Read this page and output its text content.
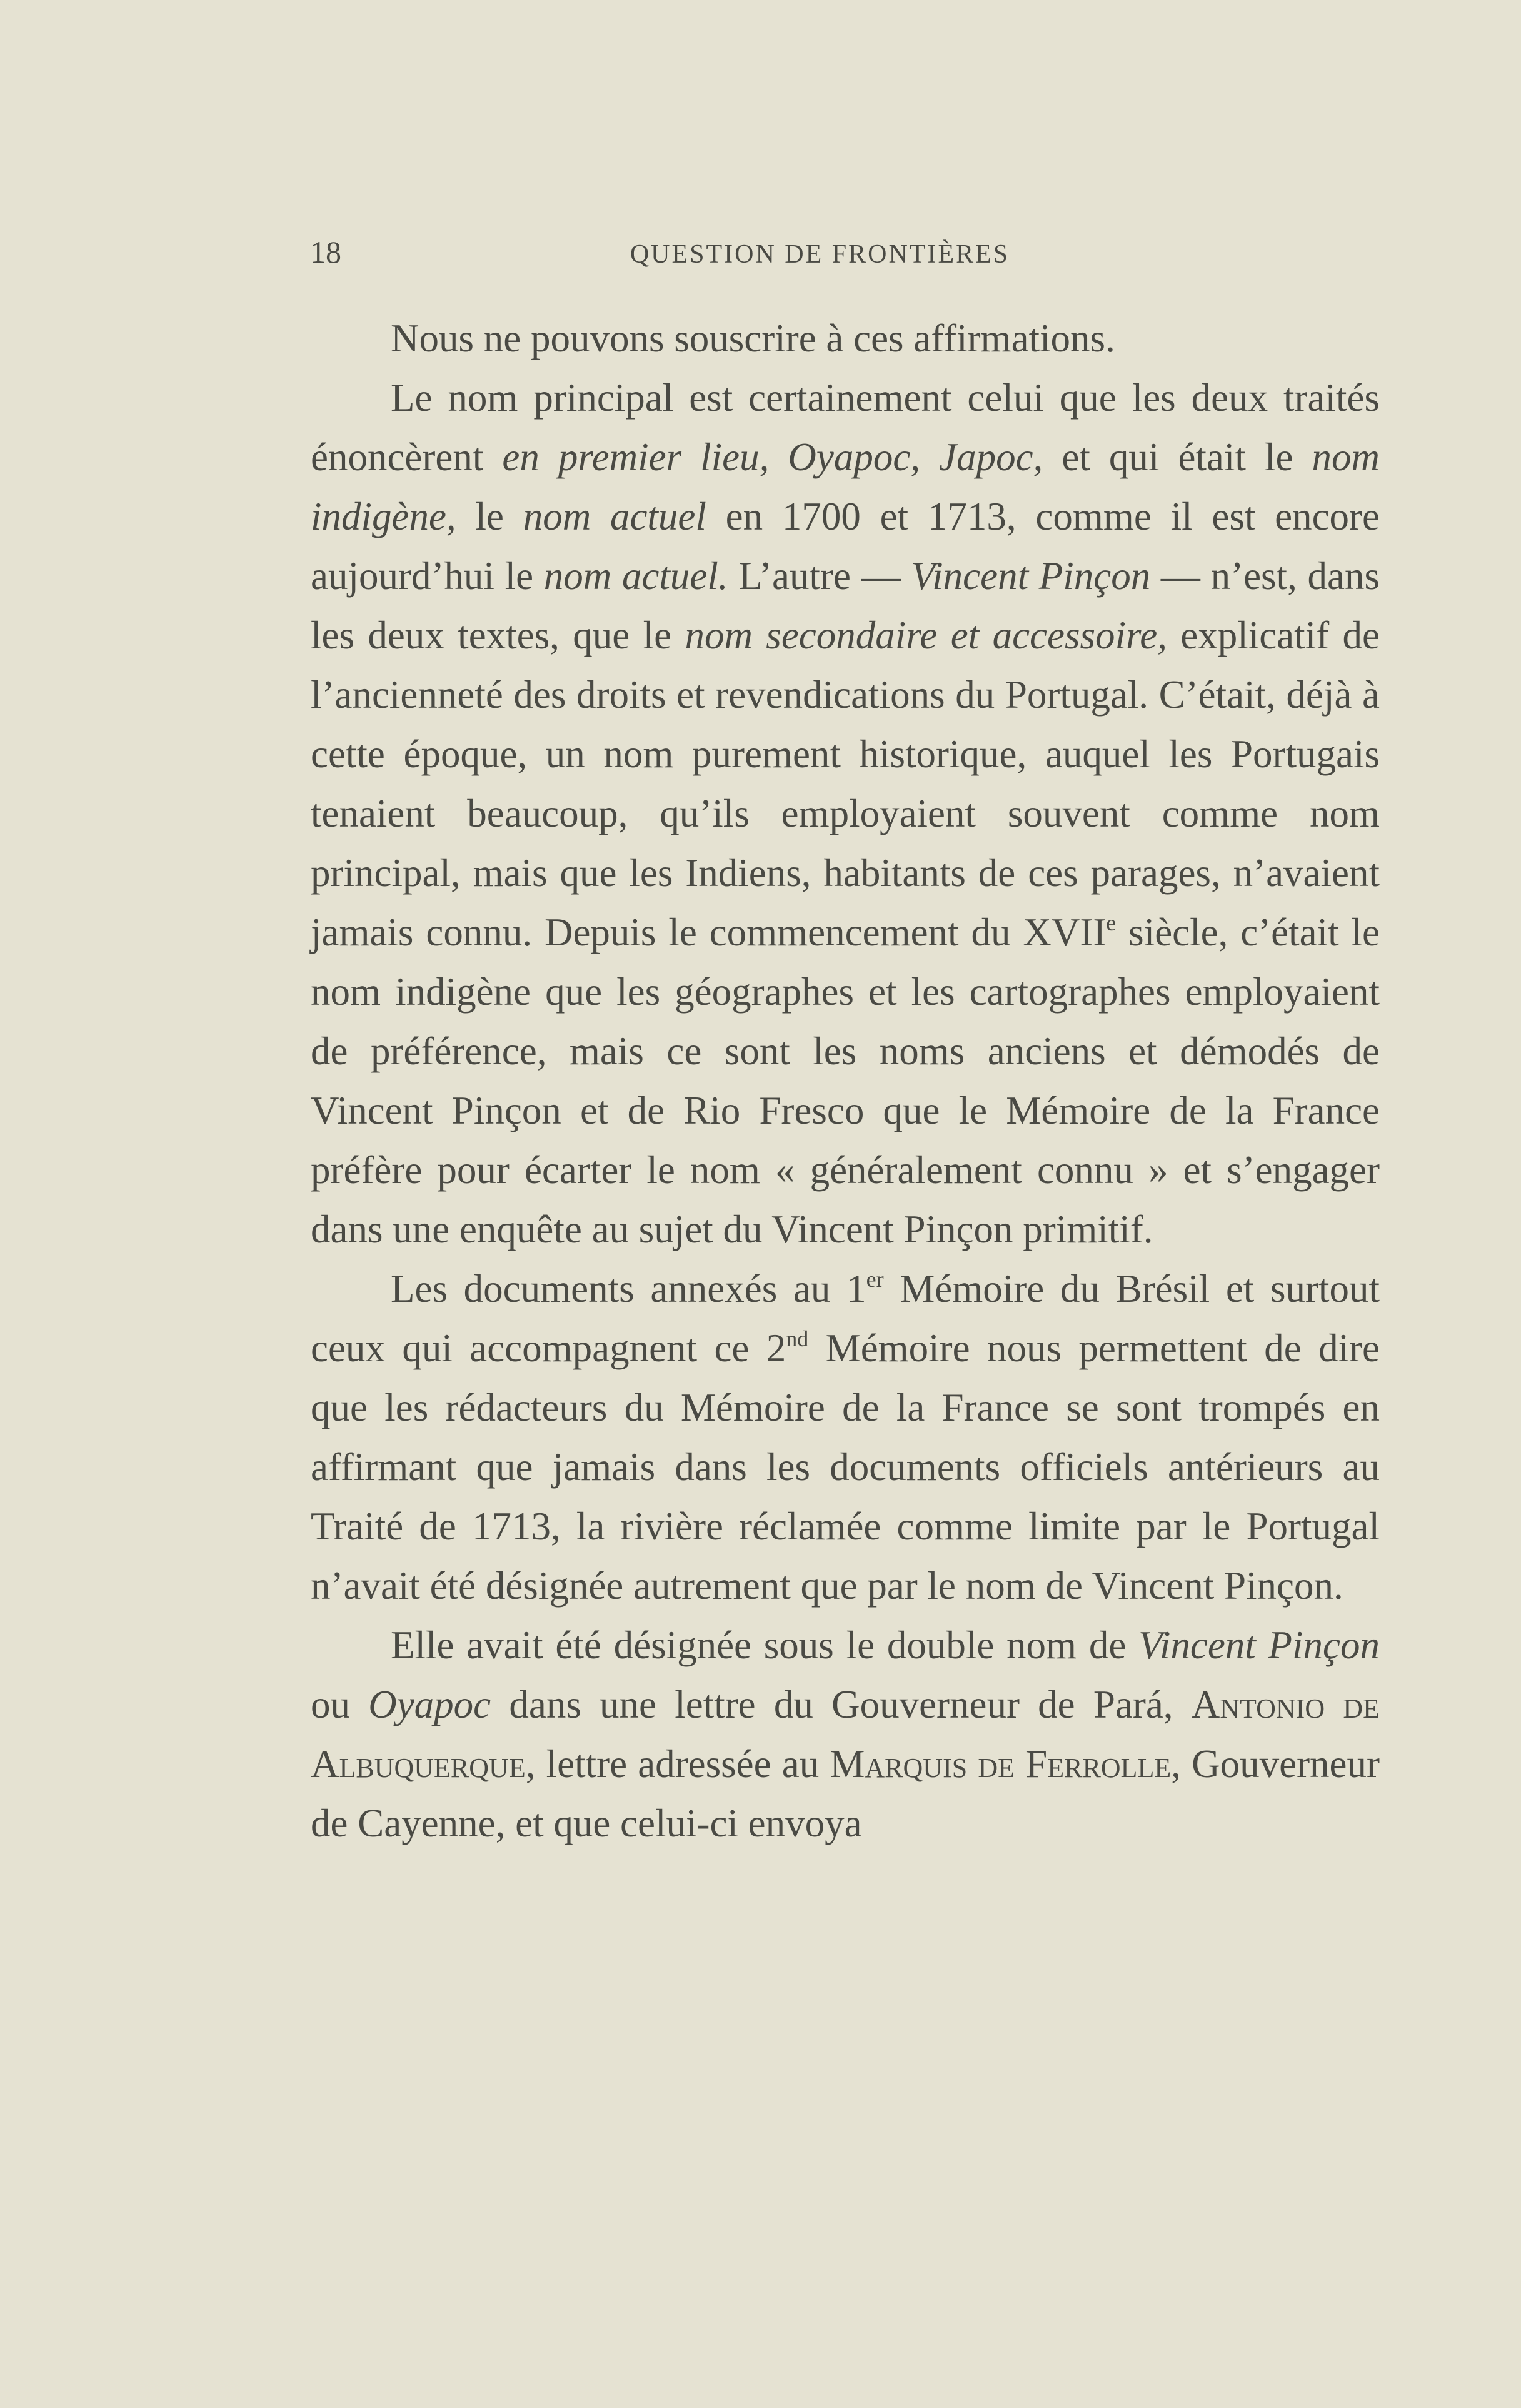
18	QUESTION DE FRONTIÈRES

Nous ne pouvons souscrire à ces affirmations.

Le nom principal est certainement celui que les deux traités énoncèrent en premier lieu, Oyapoc, Japoc, et qui était le nom indigène, le nom actuel en 1700 et 1713, comme il est encore aujourd’hui le nom actuel. L’autre — Vincent Pinçon — n’est, dans les deux textes, que le nom secondaire et accessoire, explicatif de l’ancienneté des droits et revendications du Portugal. C’était, déjà à cette époque, un nom purement historique, auquel les Portugais tenaient beaucoup, qu’ils employaient souvent comme nom principal, mais que les Indiens, habitants de ces parages, n’avaient jamais connu. Depuis le commencement du XVIIe siècle, c’était le nom indigène que les géographes et les cartographes employaient de préférence, mais ce sont les noms anciens et démodés de Vincent Pinçon et de Rio Fresco que le Mémoire de la France préfère pour écarter le nom « généralement connu » et s’engager dans une enquête au sujet du Vincent Pinçon primitif.

Les documents annexés au 1er Mémoire du Brésil et surtout ceux qui accompagnent ce 2nd Mémoire nous permettent de dire que les rédacteurs du Mémoire de la France se sont trompés en affirmant que jamais dans les documents officiels antérieurs au Traité de 1713, la rivière réclamée comme limite par le Portugal n’avait été désignée autrement que par le nom de Vincent Pinçon.

Elle avait été désignée sous le double nom de Vincent Pinçon ou Oyapoc dans une lettre du Gouverneur de Pará, Antonio de Albuquerque, lettre adressée au Marquis de Ferrolle, Gouverneur de Cayenne, et que celui-ci envoya
